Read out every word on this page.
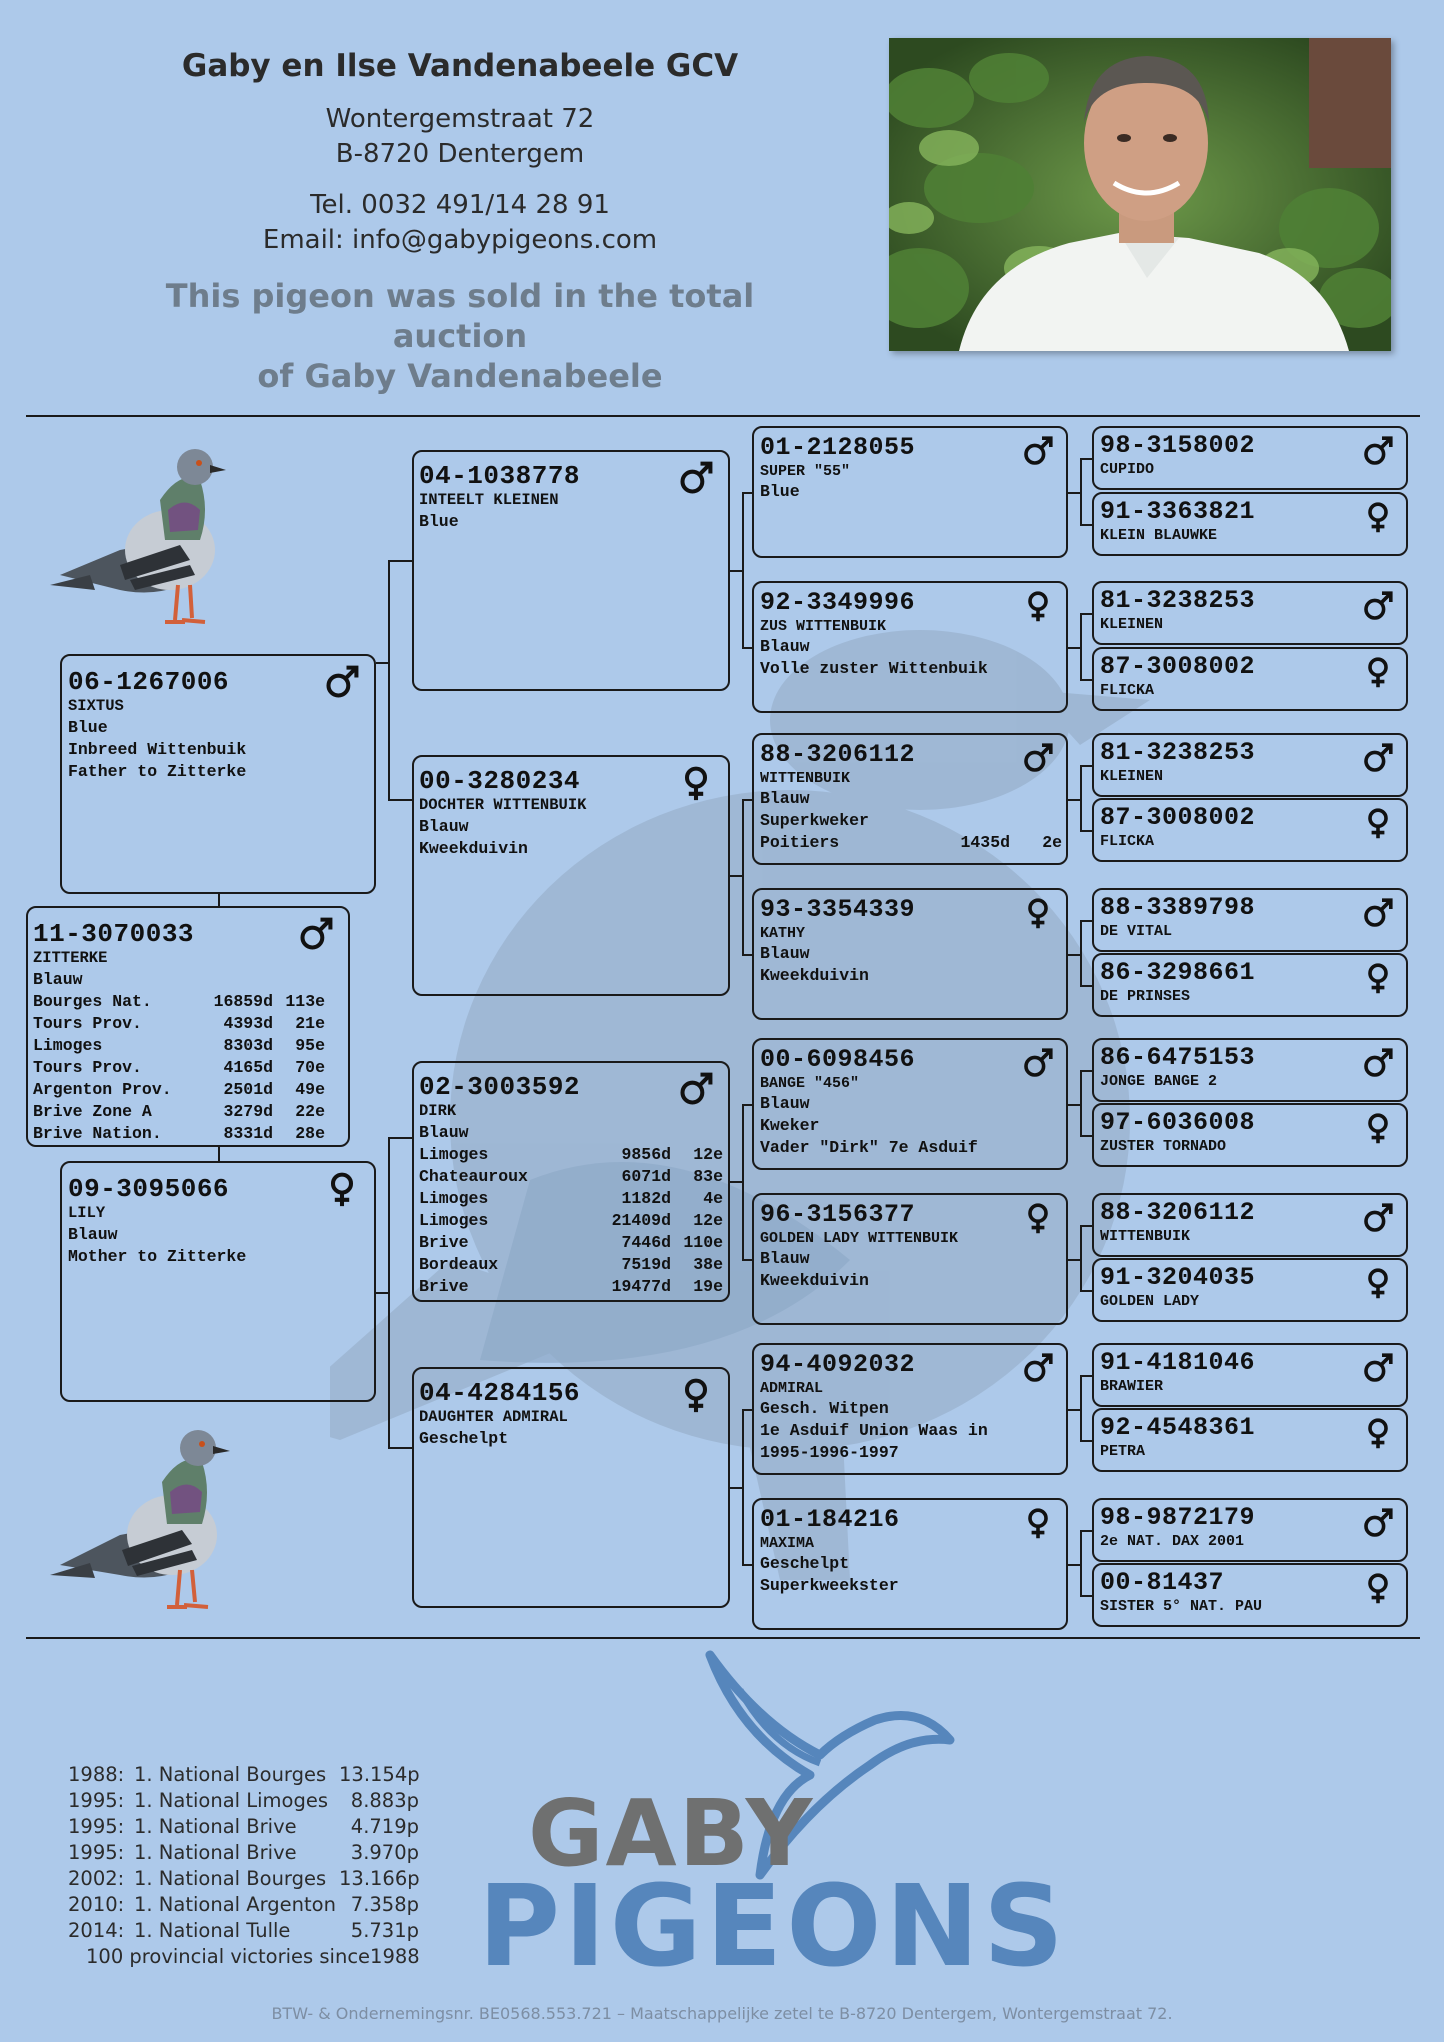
Gaby en Ilse Vandenabeele GCV
Wontergemstraat 72
B-8720 Dentergem
Tel. 0032 491/14 28 91
Email: info@gabypigeons.com
This pigeon was sold in the total auction
of Gaby Vandenabeele
06-1267006
SIXTUS
Blue
Inbreed Wittenbuik
Father to Zitterke
11-3070033
ZITTERKE
Blauw
Bourges Nat.	16859d 113e
Tours Prov.	4393d	21e
Limoges	8303d	95e
Tours Prov.	4165d	70e
Argenton Prov.	2501d	49e
Brive Zone A	3279d	22e
Brive Nation.	8331d	28e
09-3095066
LILY
Blauw
Mother to Zitterke
04-1038778
INTEELT KLEINEN
Blue
00-3280234
DOCHTER WITTENBUIK
Blauw
Kweekduivin
02-3003592
DIRK
Blauw
Limoges	9856d	12e
Chateauroux	6071d	83e
Limoges	1182d	4e
Limoges	21409d	12e
Brive	7446d 110e
Bordeaux	7519d	38e
Brive	19477d	19e
04-4284156
DAUGHTER ADMIRAL
Geschelpt
01-2128055
SUPER "55"
Blue
92-3349996
ZUS WITTENBUIK
Blauw
Volle zuster Wittenbuik
88-3206112
WITTENBUIK
Blauw
Superkweker
Poitiers	1435d	2e
93-3354339
KATHY
Blauw
Kweekduivin
00-6098456
BANGE "456"
Blauw
Kweker
Vader "Dirk" 7e Asduif
96-3156377
GOLDEN LADY WITTENBUIK
Blauw
Kweekduivin
94-4092032
ADMIRAL
Gesch. Witpen
1e Asduif Union Waas in
1995-1996-1997
01-184216
MAXIMA
Geschelpt
Superkweekster
98-3158002
CUPIDO
91-3363821
KLEIN BLAUWKE
81-3238253
KLEINEN
87-3008002
FLICKA
81-3238253
KLEINEN
87-3008002
FLICKA
88-3389798
DE VITAL
86-3298661
DE PRINSES
86-6475153
JONGE BANGE 2
97-6036008
ZUSTER TORNADO
88-3206112
WITTENBUIK
91-3204035
GOLDEN LADY
91-4181046
BRAWIER
92-4548361
PETRA
98-9872179
2e NAT. DAX 2001
00-81437
SISTER 5° NAT. PAU
1988: 1. National Bourges 13.154p
1995: 1. National Limoges	8.883p
1995: 1. National Brive	4.719p
1995: 1. National Brive	3.970p
2002: 1. National Bourges 13.166p
2010: 1. National Argenton 7.358p
2014: 1. National Tulle	5.731p
100 provincial victories since1988
GABY
PIGEONS
BTW- & Ondernemingsnr. BE0568.553.721 – Maatschappelijke zetel te B-8720 Dentergem, Wontergemstraat 72.
